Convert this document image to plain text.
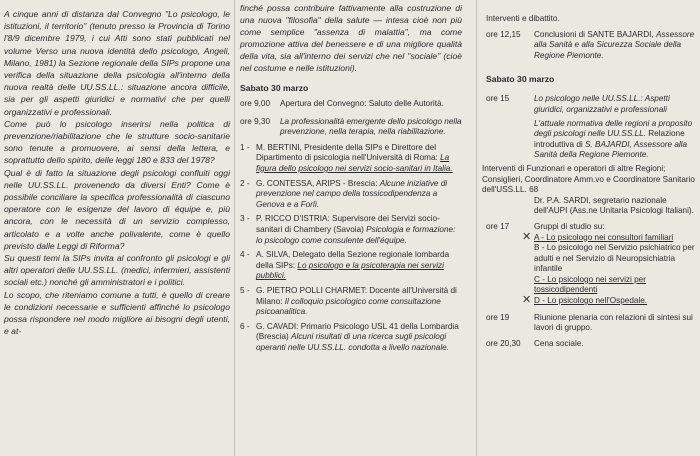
A cinque anni di distanza dal Convegno "Lo psicologo, le istituzioni, il territorio" (tenuto presso la Provincia di Torino l'8/9 dicembre 1979, i cui Atti sono stati pubblicati nel volume Verso una nuova identità dello psicologo, Angeli, Milano, 1981) la Sezione regionale della SIPs propone una verifica della situazione della psicologia all'interno della nuova realtà delle UU.SS.LL.: situazione ancora difficile, sia per gli aspetti giuridici e normativi che per quelli organizzativi e professionali.

Come può lo psicologo inserirsi nella politica di prevenzione/riabilitazione che le strutture socio-sanitarie sono tenute a promuovere, ai sensi della lettera, e soprattutto dello spirito, delle leggi 180 e 833 del 1978?

Qual è di fatto la situazione degli psicologi confluiti oggi nelle UU.SS.LL. provenendo da diversi Enti? Come è possibile conciliare la specifica professionalità di ciascuno operatore con le esigenze del lavoro di équipe e, più ancora, con le necessità di un servizio complesso, articolato e a volte anche polivalente, come è quello previsto dalle Leggi di Riforma?

Su questi temi la SIPs invita al confronto gli psicologi e gli altri operatori delle UU.SS.LL. (medici, infermieri, assistenti sociali etc.) nonché gli amministratori e i politici.

Lo scopo, che riteniamo comune a tutti, è quello di creare le condizioni necessarie e sufficienti affinché lo psicologo possa rispondere nel modo migliore ai bisogni degli utenti, e at-

finché possa contribuire fattivamente alla costruzione di una nuova "filosofia" della salute — intesa cioè non più come semplice "assenza di malattia", ma come promozione attiva del benessere e di una migliore qualità della vita, sia all'interno dei servizi che nel "sociale" (cioè nel costume e nelle istituzioni).

Sabato 30 marzo
ore 9,00	Apertura del Convegno: Saluto delle Autorità.
ore 9,30	La professionalità emergente dello psicologo nella prevenzione, nella terapia, nella riabilitazione.
1 - M. BERTINI, Presidente della SIPs e Direttore del Dipartimento di psicologia nell'Università di Roma: La figura dello psicologo nei servizi socio-sanitari in Italia.
2 - G. CONTESSA, ARIPS - Brescia: Alcune iniziative di prevenzione nel campo della tossicodipendenza a Genova e a Forlì.
3 - P. RICCO D'ISTRIA: Supervisore dei Servizi socio-sanitari di Chambery (Savoia) Psicologia e formazione: lo psicologo come consulente dell'équipe.
4 - A. SILVA, Delegato della Sezione regionale lombarda della SIPs: Lo psicologo e la psicoterapia nei servizi pubblici.
5 - G. PIETRO POLLI CHARMET: Docente all'Università di Milano: Il colloquio psicologico come consultazione psicoanalitica.
6 - G. CAVADI: Primario Psicologo USL 41 della Lombardia (Brescia) Alcuni risultati di una ricerca sugli psicologi operanti nelle UU.SS.LL. condotta a livello nazionale.
Interventi e dibattito.
ore 12,15	Conclusioni di SANTE BAJARDI, Assessore alla Sanità e alla Sicurezza Sociale della Regione Piemonte.
Sabato 30 marzo
ore 15	Lo psicologo nelle UU.SS.LL.: Aspetti giuridici, organizzativi e professionali
L'attuale normativa delle regioni a proposito degli psicologi nelle UU.SS.LL. Relazione introduttiva di S. BAJARDI, Assessore alla Sanità della Regione Piemonte.
Interventi di Funzionari e operatori di altre Regioni; Consiglieri, Coordinatore Amm.vo e Coordinatore Sanitario dell'USS.LL. 68
Dr. P.A. SARDI, segretario nazionale dell'AUPI (Ass.ne Unitaria Psicologi Italiani).
ore 17	Gruppi di studio su:
A - Lo psicologo nei consultori familiari
✕
B - Lo psicologo nel Servizio psichiatrico per adulti e nel Servizio di Neuropsichiatria infantile
C - Lo psicologo nei servizi per tossicodipendenti
D - Lo psicologo nell'Ospedale.
✕
ore 19	Riunione plenaria con relazioni di sintesi sui lavori di gruppo.
ore 20,30	Cena sociale.
